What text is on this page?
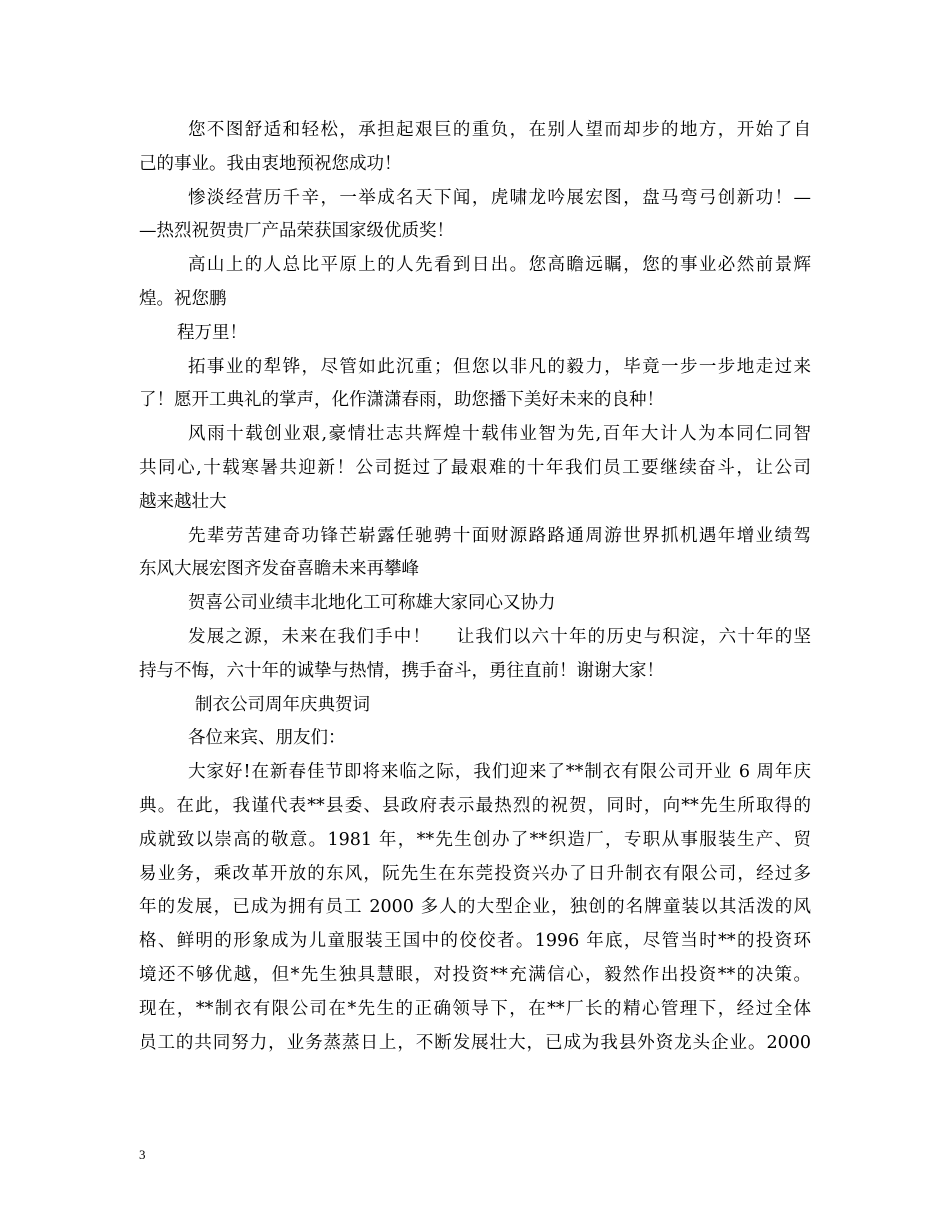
您不图舒适和轻松，承担起艰巨的重负，在别人望而却步的地方，开始了自
己的事业。我由衷地预祝您成功！
惨淡经营历千辛，一举成名天下闻，虎啸龙吟展宏图，盘马弯弓创新功！—
—热烈祝贺贵厂产品荣获国家级优质奖！
高山上的人总比平原上的人先看到日出。您高瞻远瞩，您的事业必然前景辉
煌。祝您鹏
程万里！
拓事业的犁铧，尽管如此沉重；但您以非凡的毅力，毕竟一步一步地走过来
了！愿开工典礼的掌声，化作潇潇春雨，助您播下美好未来的良种！
风雨十载创业艰,豪情壮志共辉煌十载伟业智为先,百年大计人为本同仁同智
共同心,十载寒暑共迎新！公司挺过了最艰难的十年我们员工要继续奋斗，让公司
越来越壮大
先辈劳苦建奇功锋芒崭露任驰骋十面财源路路通周游世界抓机遇年增业绩驾
东风大展宏图齐发奋喜瞻未来再攀峰
贺喜公司业绩丰北地化工可称雄大家同心又协力
发展之源，未来在我们手中！　 让我们以六十年的历史与积淀，六十年的坚
持与不悔，六十年的诚挚与热情，携手奋斗，勇往直前！谢谢大家！
制衣公司周年庆典贺词
各位来宾、朋友们：
大家好!在新春佳节即将来临之际，我们迎来了**制衣有限公司开业 6 周年庆
典。在此，我谨代表**县委、县政府表示最热烈的祝贺，同时，向**先生所取得的
成就致以崇高的敬意。1981 年，**先生创办了**织造厂，专职从事服装生产、贸
易业务，乘改革开放的东风，阮先生在东莞投资兴办了日升制衣有限公司，经过多
年的发展，已成为拥有员工 2000 多人的大型企业，独创的名牌童装以其活泼的风
格、鲜明的形象成为儿童服装王国中的佼佼者。1996 年底，尽管当时**的投资环
境还不够优越，但*先生独具慧眼，对投资**充满信心，毅然作出投资**的决策。
现在，**制衣有限公司在*先生的正确领导下，在**厂长的精心管理下，经过全体
员工的共同努力，业务蒸蒸日上，不断发展壮大，已成为我县外资龙头企业。2000
3
